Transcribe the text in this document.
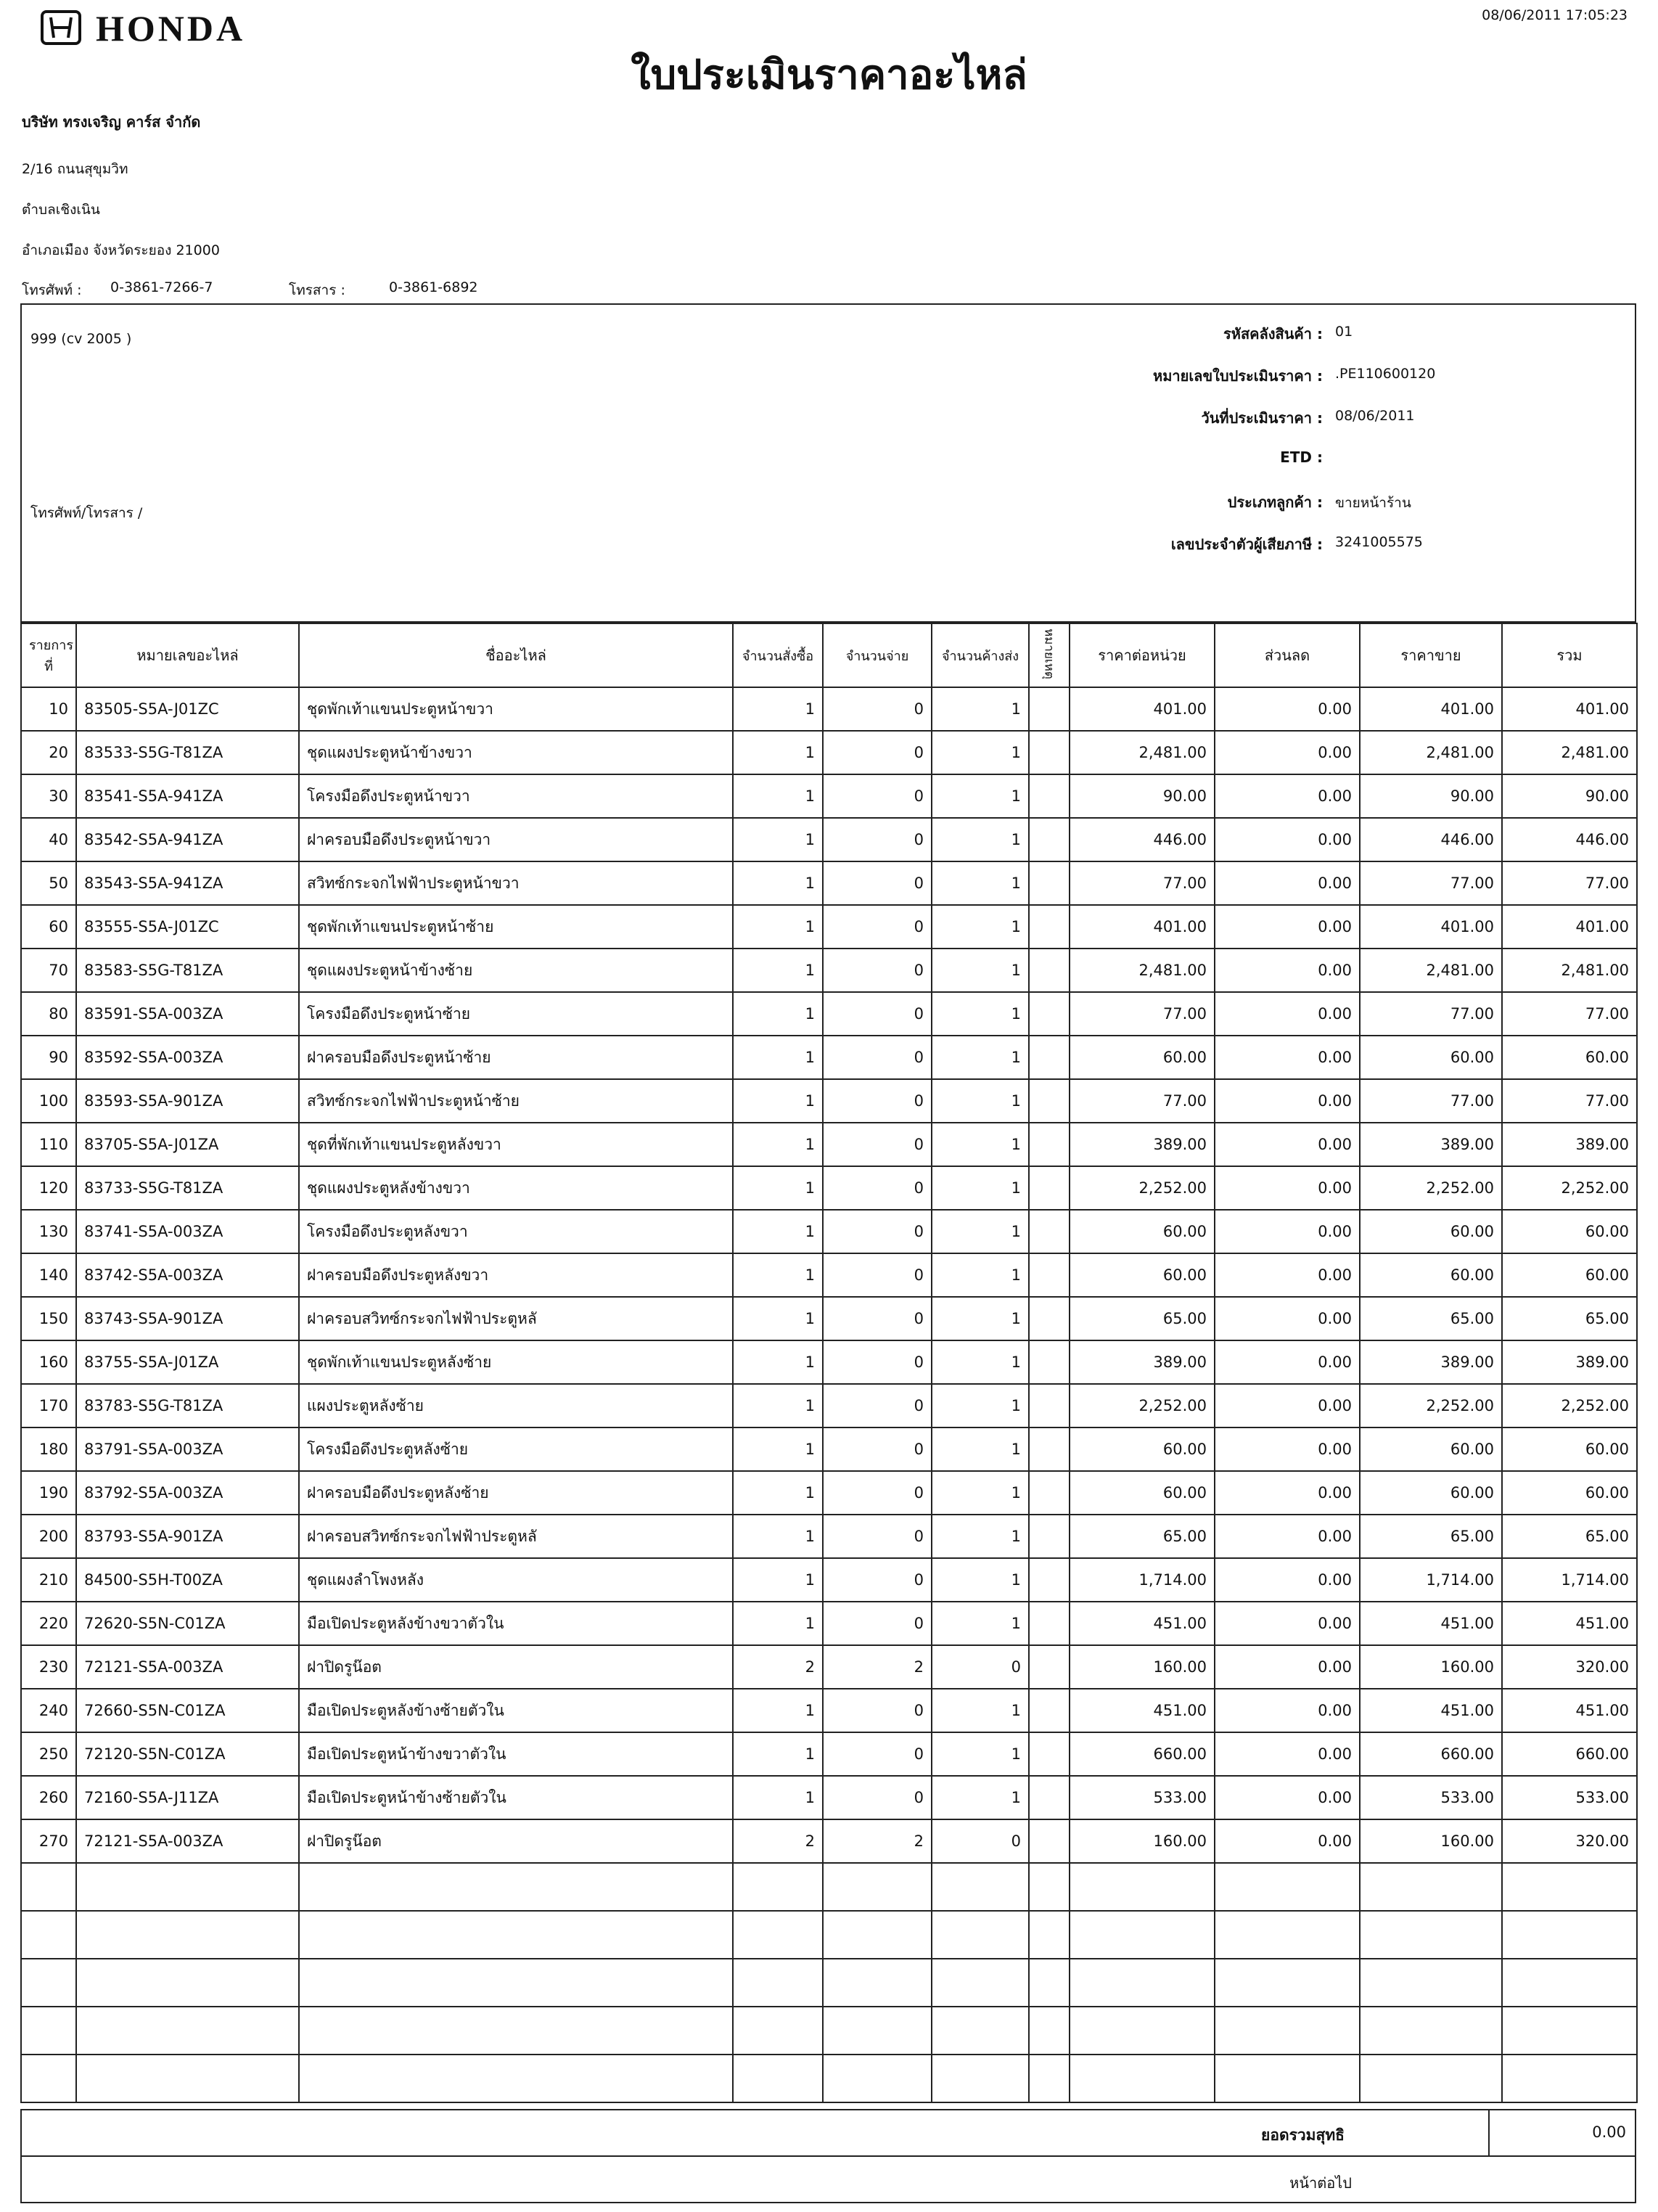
HONDA	08/06/2011 17:05:23
ใบประเมินราคาอะไหล่
บริษัท ทรงเจริญ คาร์ส จำกัด
2/16 ถนนสุขุมวิท
ตำบลเชิงเนิน
อำเภอเมือง จังหวัดระยอง 21000
โทรศัพท์ : 0-3861-7266-7	โทรสาร :	0-3861-6892
999 (cv 2005 )
โทรศัพท์/โทรสาร /
รหัสคลังสินค้า : 01
หมายเลขใบประเมินราคา : .PE110600120
วันที่ประเมินราคา : 08/06/2011
ETD :
ประเภทลูกค้า : ขายหน้าร้าน
เลขประจำตัวผู้เสียภาษี : 3241005575
รายการที่	หมายเลขอะไหล่	ชื่ออะไหล่	จำนวนสั่งซื้อ	จำนวนจ่าย	จำนวนค้างส่ง	หมายเหตุ	ราคาต่อหน่วย	ส่วนลด	ราคาขาย	รวม
10	83505-S5A-J01ZC	ชุดพักเท้าแขนประตูหน้าขวา	1	0	1		401.00	0.00	401.00	401.00
20	83533-S5G-T81ZA	ชุดแผงประตูหน้าข้างขวา	1	0	1		2,481.00	0.00	2,481.00	2,481.00
30	83541-S5A-941ZA	โครงมือดึงประตูหน้าขวา	1	0	1		90.00	0.00	90.00	90.00
40	83542-S5A-941ZA	ฝาครอบมือดึงประตูหน้าขวา	1	0	1		446.00	0.00	446.00	446.00
50	83543-S5A-941ZA	สวิทซ์กระจกไฟฟ้าประตูหน้าขวา	1	0	1		77.00	0.00	77.00	77.00
60	83555-S5A-J01ZC	ชุดพักเท้าแขนประตูหน้าซ้าย	1	0	1		401.00	0.00	401.00	401.00
70	83583-S5G-T81ZA	ชุดแผงประตูหน้าข้างซ้าย	1	0	1		2,481.00	0.00	2,481.00	2,481.00
80	83591-S5A-003ZA	โครงมือดึงประตูหน้าซ้าย	1	0	1		77.00	0.00	77.00	77.00
90	83592-S5A-003ZA	ฝาครอบมือดึงประตูหน้าซ้าย	1	0	1		60.00	0.00	60.00	60.00
100	83593-S5A-901ZA	สวิทซ์กระจกไฟฟ้าประตูหน้าซ้าย	1	0	1		77.00	0.00	77.00	77.00
110	83705-S5A-J01ZA	ชุดที่พักเท้าแขนประตูหลังขวา	1	0	1		389.00	0.00	389.00	389.00
120	83733-S5G-T81ZA	ชุดแผงประตูหลังข้างขวา	1	0	1		2,252.00	0.00	2,252.00	2,252.00
130	83741-S5A-003ZA	โครงมือดึงประตูหลังขวา	1	0	1		60.00	0.00	60.00	60.00
140	83742-S5A-003ZA	ฝาครอบมือดึงประตูหลังขวา	1	0	1		60.00	0.00	60.00	60.00
150	83743-S5A-901ZA	ฝาครอบสวิทซ์กระจกไฟฟ้าประตูหลั	1	0	1		65.00	0.00	65.00	65.00
160	83755-S5A-J01ZA	ชุดพักเท้าแขนประตูหลังซ้าย	1	0	1		389.00	0.00	389.00	389.00
170	83783-S5G-T81ZA	แผงประตูหลังซ้าย	1	0	1		2,252.00	0.00	2,252.00	2,252.00
180	83791-S5A-003ZA	โครงมือดึงประตูหลังซ้าย	1	0	1		60.00	0.00	60.00	60.00
190	83792-S5A-003ZA	ฝาครอบมือดึงประตูหลังซ้าย	1	0	1		60.00	0.00	60.00	60.00
200	83793-S5A-901ZA	ฝาครอบสวิทซ์กระจกไฟฟ้าประตูหลั	1	0	1		65.00	0.00	65.00	65.00
210	84500-S5H-T00ZA	ชุดแผงลำโพงหลัง	1	0	1		1,714.00	0.00	1,714.00	1,714.00
220	72620-S5N-C01ZA	มือเปิดประตูหลังข้างขวาตัวใน	1	0	1		451.00	0.00	451.00	451.00
230	72121-S5A-003ZA	ฝาปิดรูน๊อต	2	2	0		160.00	0.00	160.00	320.00
240	72660-S5N-C01ZA	มือเปิดประตูหลังข้างซ้ายตัวใน	1	0	1		451.00	0.00	451.00	451.00
250	72120-S5N-C01ZA	มือเปิดประตูหน้าข้างขวาตัวใน	1	0	1		660.00	0.00	660.00	660.00
260	72160-S5A-J11ZA	มือเปิดประตูหน้าข้างซ้ายตัวใน	1	0	1		533.00	0.00	533.00	533.00
270	72121-S5A-003ZA	ฝาปิดรูน๊อต	2	2	0		160.00	0.00	160.00	320.00

ยอดรวมสุทธิ	0.00
หน้าต่อไป
